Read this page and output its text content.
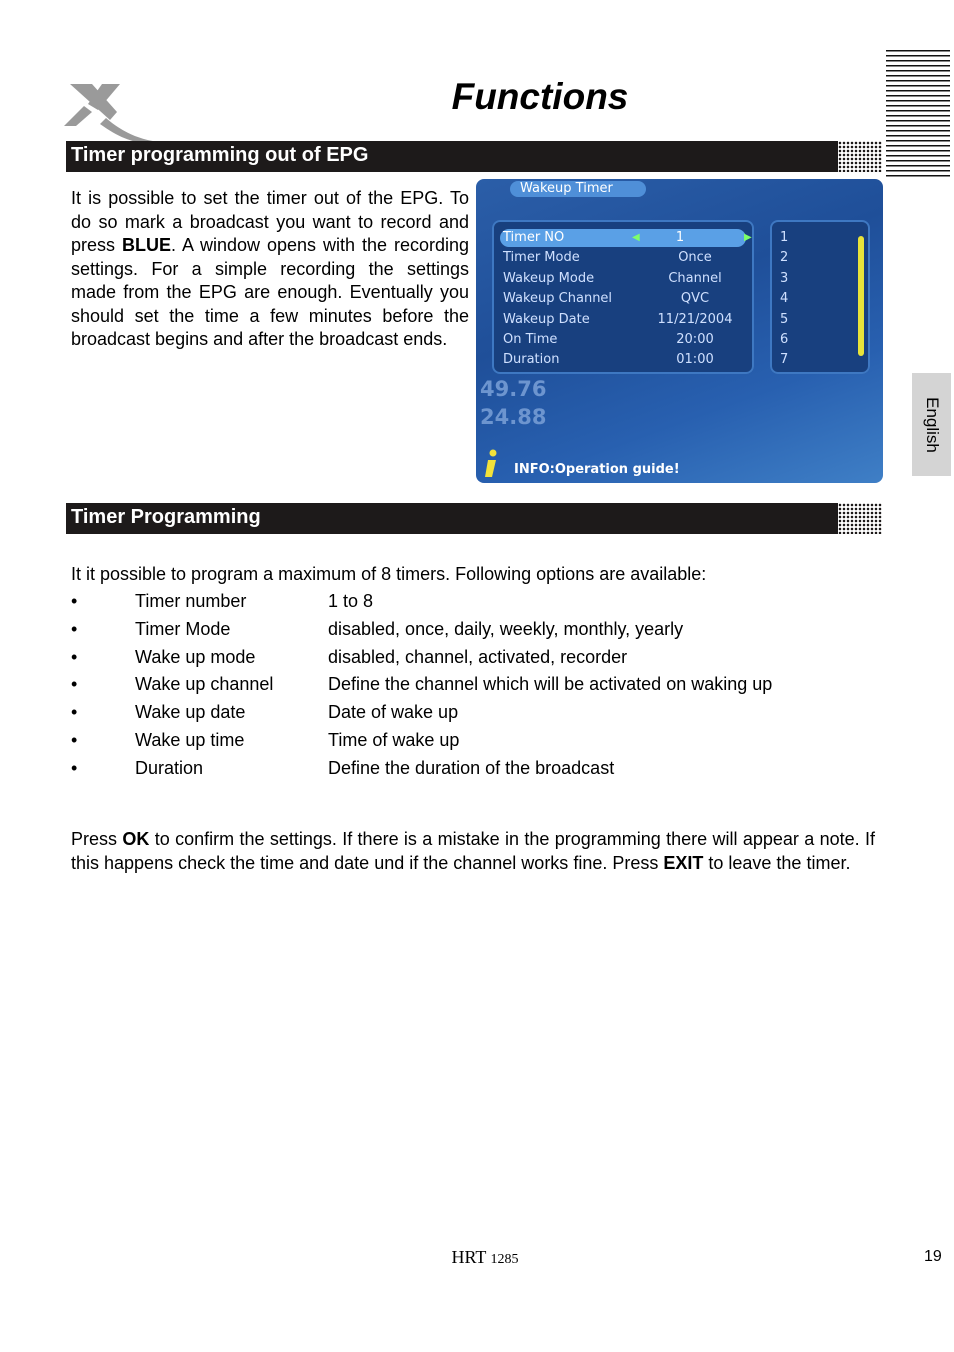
Functions
English
Timer programming out of EPG
It is possible to set the timer out of the EPG. To do so mark a broadcast you want to record and press BLUE. A window opens with the recording settings. For a simple recording the settings made from the EPG are enough. Eventually you should set the time a few minutes before the broadcast begins and after the broadcast ends.
Wakeup Timer
49.76
24.88
Timer NO	◀	1	▶
Timer Mode	Once
Wakeup Mode	Channel
Wakeup Channel	QVC
Wakeup Date	11/21/2004
On Time	20:00
Duration	01:00
1
2
3
4
5
6
7
INFO:Operation guide!
Timer Programming
It it possible to program a maximum of 8 timers. Following options are available:
•	Timer number	1 to 8
•	Timer Mode	disabled, once, daily, weekly, monthly, yearly
•	Wake up mode	disabled, channel, activated, recorder
•	Wake up channel	Define the channel which will be activated on waking up
•	Wake up date	Date of wake up
•	Wake up time	Time of wake up
•	Duration	Define the duration of the broadcast
Press OK to confirm the settings. If there is a mistake in the programming there will appear a note. If this happens check the time and date und if the channel works fine. Press EXIT to leave the timer.
HRT 1285	19
